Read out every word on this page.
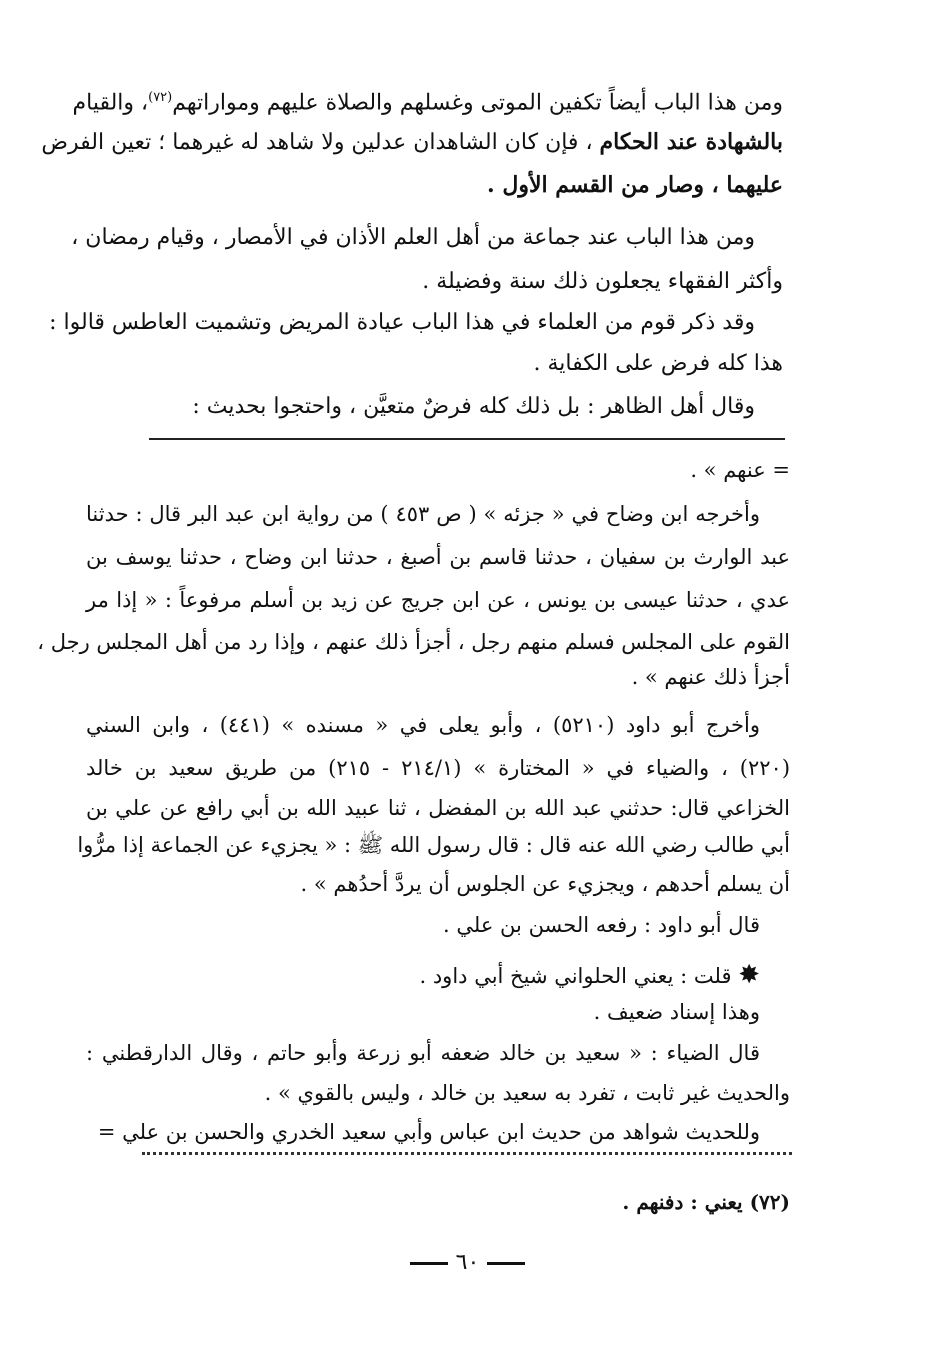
ومن هذا الباب أيضاً تكفين الموتى وغسلهم والصلاة عليهم ومواراتهم$^{(٧٢)}$، والقيام

بالشهادة عند الحكام ، فإن كان الشاهدان عدلين ولا شاهد له غيرهما ؛ تعين الفرض

عليهما ، وصار من القسم الأول .

ومن هذا الباب عند جماعة من أهل العلم الأذان في الأمصار ، وقيام رمضان ،

وأكثر الفقهاء يجعلون ذلك سنة وفضيلة .

وقد ذكر قوم من العلماء في هذا الباب عيادة المريض وتشميت العاطس قالوا :

هذا كله فرض على الكفاية .

وقال أهل الظاهر : بل ذلك كله فرضٌ متعيَّن ، واحتجوا بحديث :

= عنهم » .

وأخرجه ابن وضاح في « جزئه » ( ص ٤٥٣ ) من رواية ابن عبد البر قال : حدثنا

عبد الوارث بن سفيان ، حدثنا قاسم بن أصبغ ، حدثنا ابن وضاح ، حدثنا يوسف بن

عدي ، حدثنا عيسى بن يونس ، عن ابن جريج عن زيد بن أسلم مرفوعاً : « إذا مر

القوم على المجلس فسلم منهم رجل ، أجزأ ذلك عنهم ، وإذا رد من أهل المجلس رجل ،

أجزأ ذلك عنهم » .

وأخرج أبو داود (٥٢١٠) ، وأبو يعلى في « مسنده » (٤٤١) ، وابن السني

(٢٢٠) ، والضياء في « المختارة » (٢١٤/١ - ٢١٥) من طريق سعيد بن خالد

الخزاعي قال: حدثني عبد الله بن المفضل ، ثنا عبيد الله بن أبي رافع عن علي بن

أبي طالب رضي الله عنه قال : قال رسول الله ﷺ : « يجزيء عن الجماعة إذا مرُّوا

أن يسلم أحدهم ، ويجزيء عن الجلوس أن يردَّ أحدُهم » .

قال أبو داود : رفعه الحسن بن علي .

✸ قلت : يعني الحلواني شيخ أبي داود .

وهذا إسناد ضعيف .

قال الضياء : « سعيد بن خالد ضعفه أبو زرعة وأبو حاتم ، وقال الدارقطني :

والحديث غير ثابت ، تفرد به سعيد بن خالد ، وليس بالقوي » .

وللحديث شواهد من حديث ابن عباس وأبي سعيد الخدري والحسن بن علي =

(٧٢) يعني : دفنهم .

٦٠
